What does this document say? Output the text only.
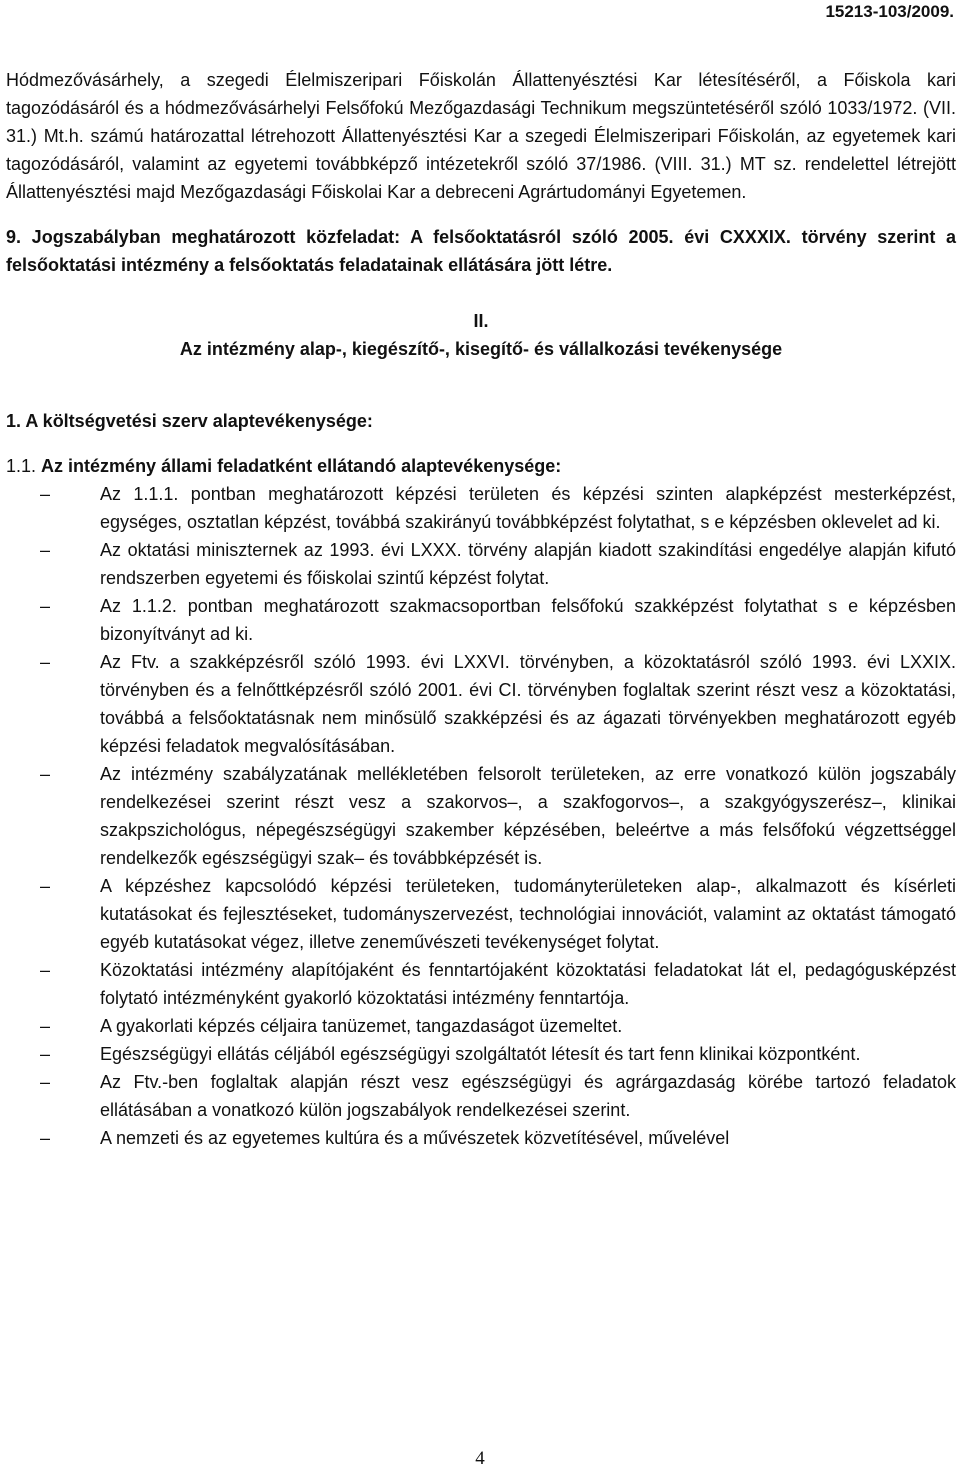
15213-103/2009.

Hódmezővásárhely, a szegedi Élelmiszeripari Főiskolán Állattenyésztési Kar létesítéséről, a Főiskola kari tagozódásáról és a hódmezővásárhelyi Felsőfokú Mezőgazdasági Technikum megszüntetéséről szóló 1033/1972. (VII. 31.) Mt.h. számú határozattal létrehozott Állattenyésztési Kar a szegedi Élelmiszeripari Főiskolán, az egyetemek kari tagozódásáról, valamint az egyetemi továbbképző intézetekről szóló 37/1986. (VIII. 31.) MT sz. rendelettel létrejött Állattenyésztési majd Mezőgazdasági Főiskolai Kar a debreceni Agrártudományi Egyetemen.

9. Jogszabályban meghatározott közfeladat: A felsőoktatásról szóló 2005. évi CXXXIX. törvény szerint a felsőoktatási intézmény a felsőoktatás feladatainak ellátására jött létre.

II.

Az intézmény alap-, kiegészítő-, kisegítő- és vállalkozási tevékenysége

1. A költségvetési szerv alaptevékenysége:

1.1. Az intézmény állami feladatként ellátandó alaptevékenysége:

–	Az 1.1.1. pontban meghatározott képzési területen és képzési szinten alapképzést mesterképzést, egységes, osztatlan képzést, továbbá szakirányú továbbképzést folytathat, s e képzésben oklevelet ad ki.
–	Az oktatási miniszternek az 1993. évi LXXX. törvény alapján kiadott szakindítási engedélye alapján kifutó rendszerben egyetemi és főiskolai szintű képzést folytat.
–	Az 1.1.2. pontban meghatározott szakmacsoportban felsőfokú szakképzést folytathat s e képzésben bizonyítványt ad ki.
–	Az Ftv. a szakképzésről szóló 1993. évi LXXVI. törvényben, a közoktatásról szóló 1993. évi LXXIX. törvényben és a felnőttképzésről szóló 2001. évi CI. törvényben foglaltak szerint részt vesz a közoktatási, továbbá a felsőoktatásnak nem minősülő szakképzési és az ágazati törvényekben meghatározott egyéb képzési feladatok megvalósításában.
–	Az intézmény szabályzatának mellékletében felsorolt területeken, az erre vonatkozó külön jogszabály rendelkezései szerint részt vesz a szakorvos–, a szakfogorvos–, a szakgyógyszerész–, klinikai szakpszichológus, népegészségügyi szakember képzésében, beleértve a más felsőfokú végzettséggel rendelkezők egészségügyi szak– és továbbképzését is.
–	A képzéshez kapcsolódó képzési területeken, tudományterületeken alap-, alkalmazott és kísérleti kutatásokat és fejlesztéseket, tudományszervezést, technológiai innovációt, valamint az oktatást támogató egyéb kutatásokat végez, illetve zeneművészeti tevékenységet folytat.
–	Közoktatási intézmény alapítójaként és fenntartójaként közoktatási feladatokat lát el, pedagógusképzést folytató intézményként gyakorló közoktatási intézmény fenntartója.
–	A gyakorlati képzés céljaira tanüzemet, tangazdaságot üzemeltet.
–	Egészségügyi ellátás céljából egészségügyi szolgáltatót létesít és tart fenn klinikai központként.
–	Az Ftv.-ben foglaltak alapján részt vesz egészségügyi és agrárgazdaság körébe tartozó feladatok ellátásában a vonatkozó külön jogszabályok rendelkezései szerint.
–	A nemzeti és az egyetemes kultúra és a művészetek közvetítésével, művelével
4
